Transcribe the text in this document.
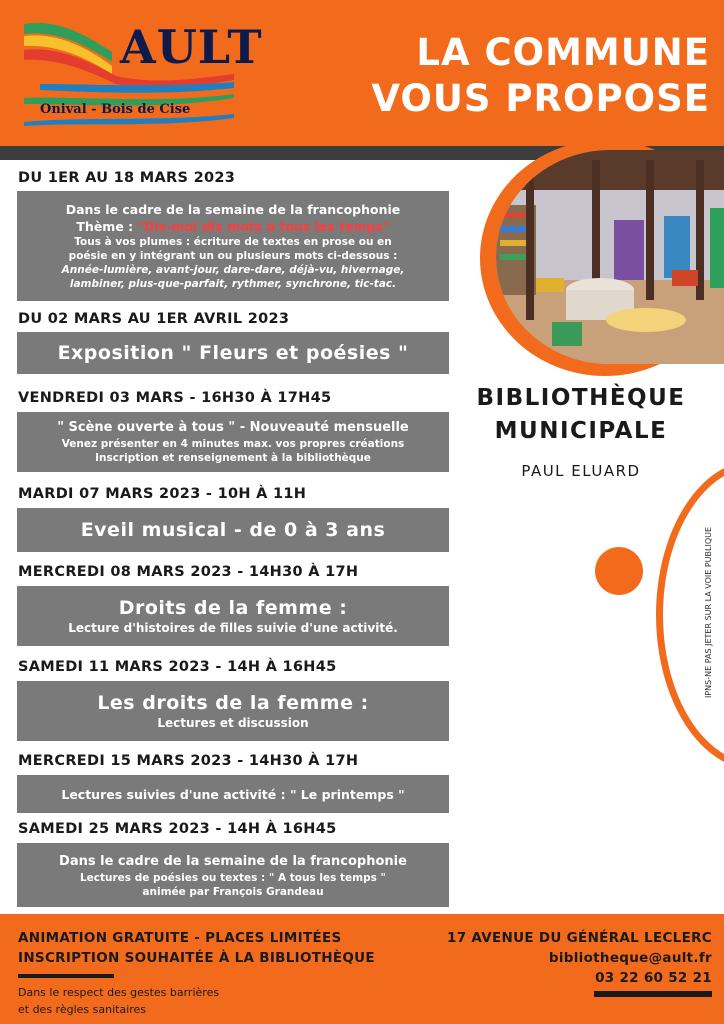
AULT
Onival - Bois de Cise
LA COMMUNE
VOUS PROPOSE
DU 1ER AU 18 MARS 2023
Dans le cadre de la semaine de la francophonie
Thème : "Dis-moi dix mots à tous les temps"
Tous à vos plumes : écriture de textes en prose ou en
poésie en y intégrant un ou plusieurs mots ci-dessous :
Année-lumière, avant-jour, dare-dare, déjà-vu, hivernage,
lambiner, plus-que-parfait, rythmer, synchrone, tic-tac.
DU 02 MARS AU 1ER AVRIL 2023
Exposition " Fleurs et poésies "
VENDREDI 03 MARS - 16H30 À 17H45
" Scène ouverte à tous " - Nouveauté mensuelle
Venez présenter en 4 minutes max. vos propres créations
Inscription et renseignement à la bibliothèque
MARDI 07 MARS 2023 - 10H À 11H
Eveil musical - de 0 à 3 ans
MERCREDI 08 MARS 2023 - 14H30 À 17H
Droits de la femme :
Lecture d'histoires de filles suivie d'une activité.
SAMEDI 11 MARS 2023 - 14H À 16H45
Les droits de la femme :
Lectures et discussion
MERCREDI 15 MARS 2023 - 14H30 À 17H
Lectures suivies d'une activité : " Le printemps "
SAMEDI 25 MARS 2023 - 14H À 16H45
Dans le cadre de la semaine de la francophonie
Lectures de poésies ou textes : " A tous les temps "
animée par François Grandeau
BIBLIOTHÈQUE
MUNICIPALE
PAUL ELUARD
IPNS-NE PAS JETER SUR LA VOIE PUBLIQUE
ANIMATION GRATUITE - PLACES LIMITÉES
INSCRIPTION SOUHAITÉE À LA BIBLIOTHÈQUE
Dans le respect des gestes barrières
et des règles sanitaires
17 AVENUE DU GÉNÉRAL LECLERC
bibliotheque@ault.fr
03 22 60 52 21
